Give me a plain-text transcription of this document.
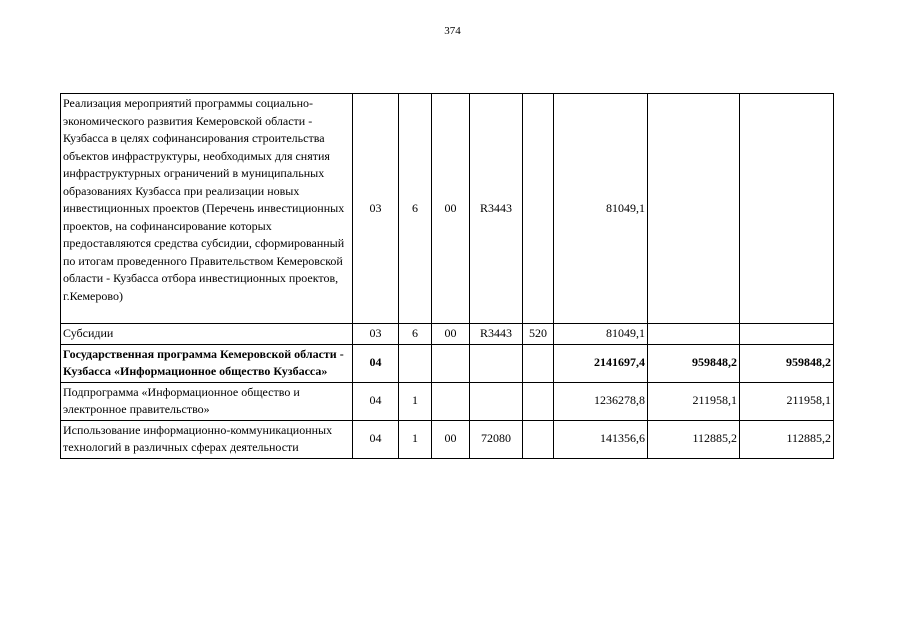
374
Реализация мероприятий программы социально-экономического развития Кемеровской области - Кузбасса в целях софинансирования строительства объектов инфраструктуры, необходимых для снятия инфраструктурных ограничений в муниципальных образованиях Кузбасса при реализации новых инвестиционных проектов (Перечень инвестиционных проектов, на софинансирование которых предоставляются средства субсидии, сформированный по итогам проведенного Правительством Кемеровской области - Кузбасса отбора инвестиционных проектов, г.Кемерово)	03	6	00	R3443		81049,1		
Субсидии	03	6	00	R3443	520	81049,1		
Государственная программа Кемеровской области - Кузбасса «Информационное общество Кузбасса»	04					2141697,4	959848,2	959848,2
Подпрограмма «Информационное общество и электронное правительство»	04	1				1236278,8	211958,1	211958,1
Использование информационно-коммуникационных технологий в различных сферах деятельности	04	1	00	72080		141356,6	112885,2	112885,2
